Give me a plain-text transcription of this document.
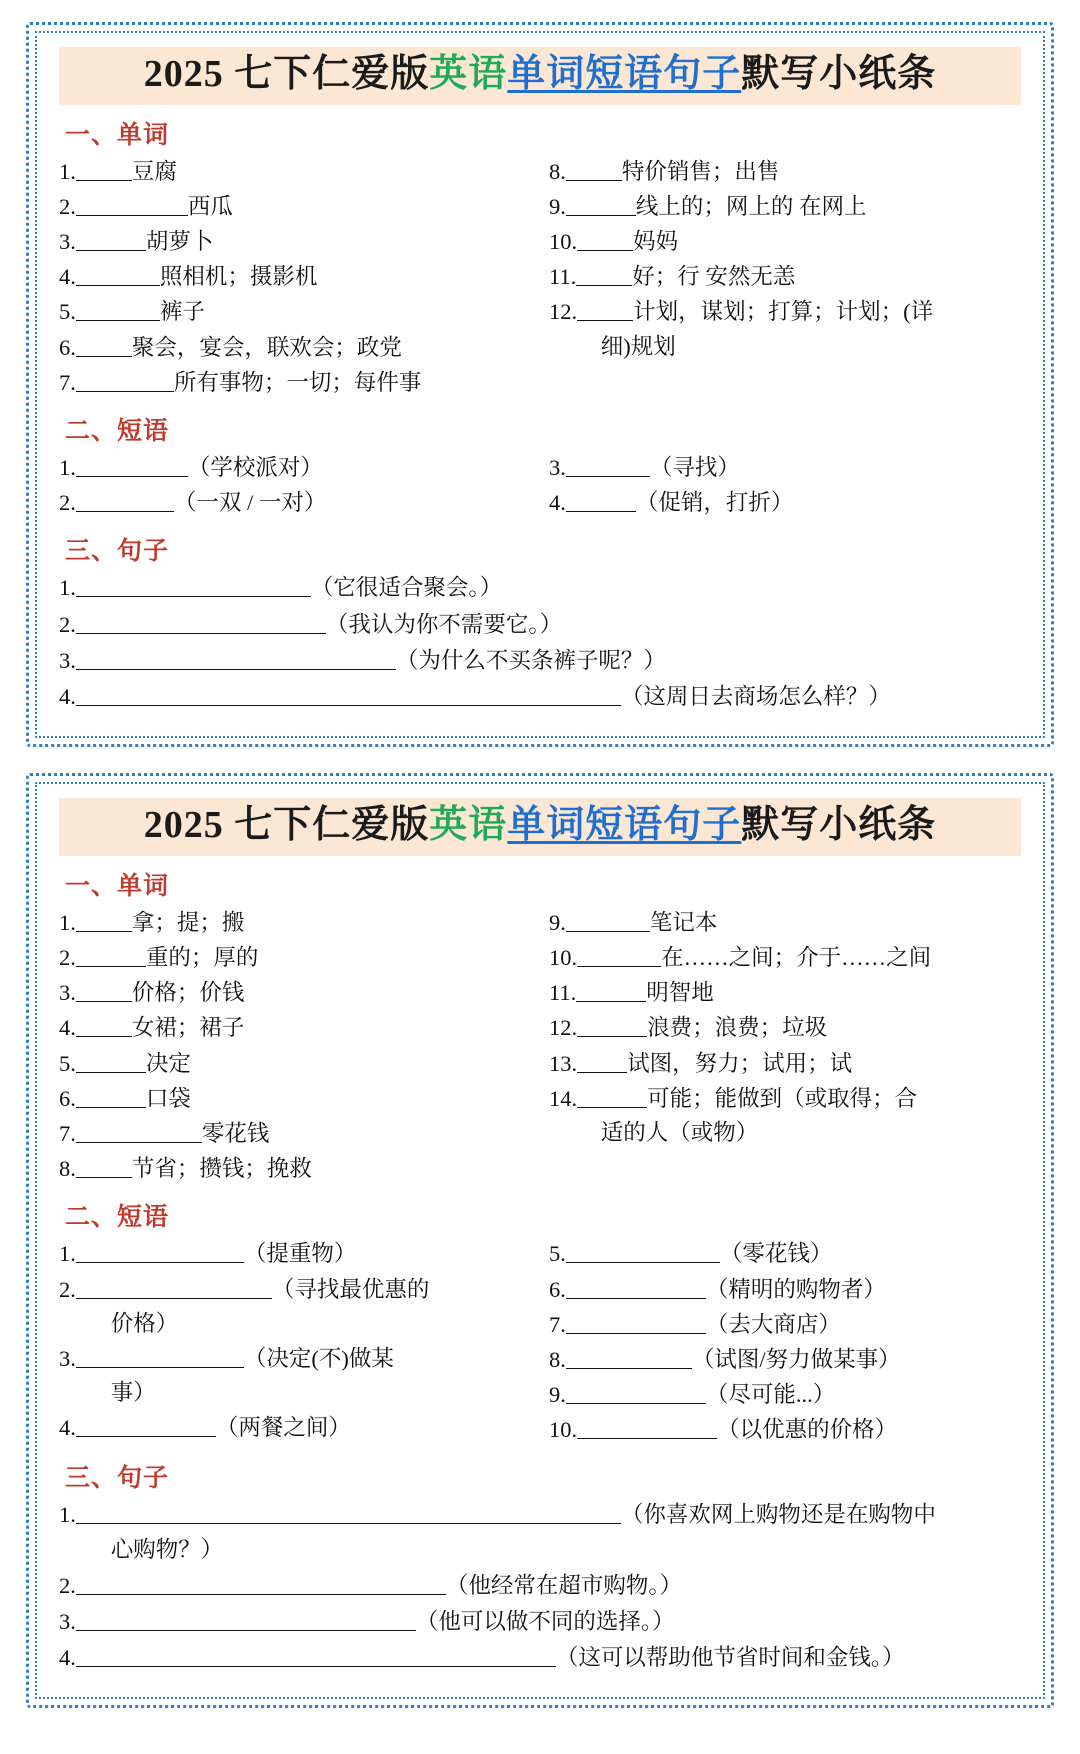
2025 七下仁爱版英语单词短语句子默写小纸条
一、单词
1. 豆腐
2.	西瓜
3.	胡萝卜
4.	照相机；摄影机
5.	裤子
6. 聚会，宴会，联欢会；政党
7.	所有事物；一切；每件事
8. 特价销售；出售
9.	线上的；网上的 在网上
10. 妈妈
11. 好；行 安然无恙
12. 计划，谋划；打算；计划；(详
细)规划
二、短语
1.	（学校派对）
2.	（一双 / 一对）
3.	（寻找）
4.	（促销，打折）
三、句子
1.	（它很适合聚会。）
2.	（我认为你不需要它。）
3.	（为什么不买条裤子呢？）
4.	（这周日去商场怎么样？）
2025 七下仁爱版英语单词短语句子默写小纸条
一、单词
1. 拿；提；搬
2.	重的；厚的
3. 价格；价钱
4. 女裙；裙子
5.	决定
6.	口袋
7.	零花钱
8. 节省；攒钱；挽救
9.	笔记本
10.	在……之间；介于……之间
11.	明智地
12.	浪费；浪费；垃圾
13. 试图，努力；试用；试
14.	可能；能做到（或取得；合
适的人（或物）
二、短语
1.	（提重物）
2.	（寻找最优惠的
价格）
3.	（决定(不)做某
事）
4.	（两餐之间）
5.	（零花钱）
6.	（精明的购物者）
7.	（去大商店）
8.	（试图/努力做某事）
9.	（尽可能...）
10.	（以优惠的价格）
三、句子
1.	（你喜欢网上购物还是在购物中
心购物？）
2.	（他经常在超市购物。）
3.	（他可以做不同的选择。）
4.	（这可以帮助他节省时间和金钱。）
